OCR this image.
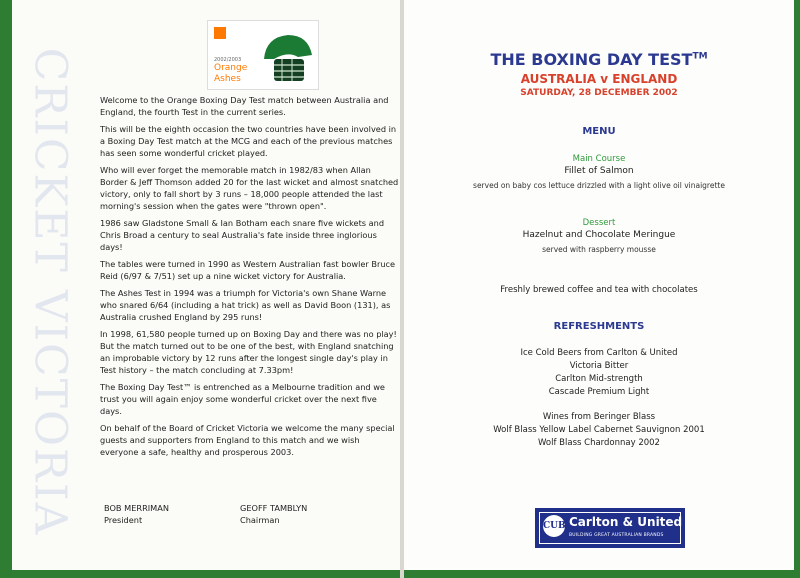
CRICKET VICTORIA	2002/2003
Orange
Ashes

Welcome to the Orange Boxing Day Test match between Australia and England, the fourth Test in the current series.

This will be the eighth occasion the two countries have been involved in a Boxing Day Test match at the MCG and each of the previous matches has seen some wonderful cricket played.

Who will ever forget the memorable match in 1982/83 when Allan Border & Jeff Thomson added 20 for the last wicket and almost snatched victory, only to fall short by 3 runs – 18,000 people attended the last morning's session when the gates were "thrown open".

1986 saw Gladstone Small & Ian Botham each snare five wickets and Chris Broad a century to seal Australia's fate inside three inglorious days!

The tables were turned in 1990 as Western Australian fast bowler Bruce Reid (6/97 & 7/51) set up a nine wicket victory for Australia.

The Ashes Test in 1994 was a triumph for Victoria's own Shane Warne who snared 6/64 (including a hat trick) as well as David Boon (131), as Australia crushed England by 295 runs!

In 1998, 61,580 people turned up on Boxing Day and there was no play! But the match turned out to be one of the best, with England snatching an improbable victory by 12 runs after the longest single day's play in Test history – the match concluding at 7.33pm!

The Boxing Day Test™ is entrenched as a Melbourne tradition and we trust you will again enjoy some wonderful cricket over the next five days.

On behalf of the Board of Cricket Victoria we welcome the many special guests and supporters from England to this match and we wish everyone a safe, healthy and prosperous 2003.

BOB MERRIMAN
President
GEOFF TAMBLYN
Chairman
THE BOXING DAY TEST™
AUSTRALIA v ENGLAND
SATURDAY, 28 DECEMBER 2002
MENU
Main Course
Fillet of Salmon
served on baby cos lettuce drizzled with a light olive oil vinaigrette
Dessert
Hazelnut and Chocolate Meringue
served with raspberry mousse
Freshly brewed coffee and tea with chocolates
REFRESHMENTS
Ice Cold Beers from Carlton & United
Victoria Bitter
Carlton Mid-strength
Cascade Premium Light
Wines from Beringer Blass
Wolf Blass Yellow Label Cabernet Sauvignon 2001
Wolf Blass Chardonnay 2002
CUB Carlton & United
BUILDING GREAT AUSTRALIAN BRANDS
